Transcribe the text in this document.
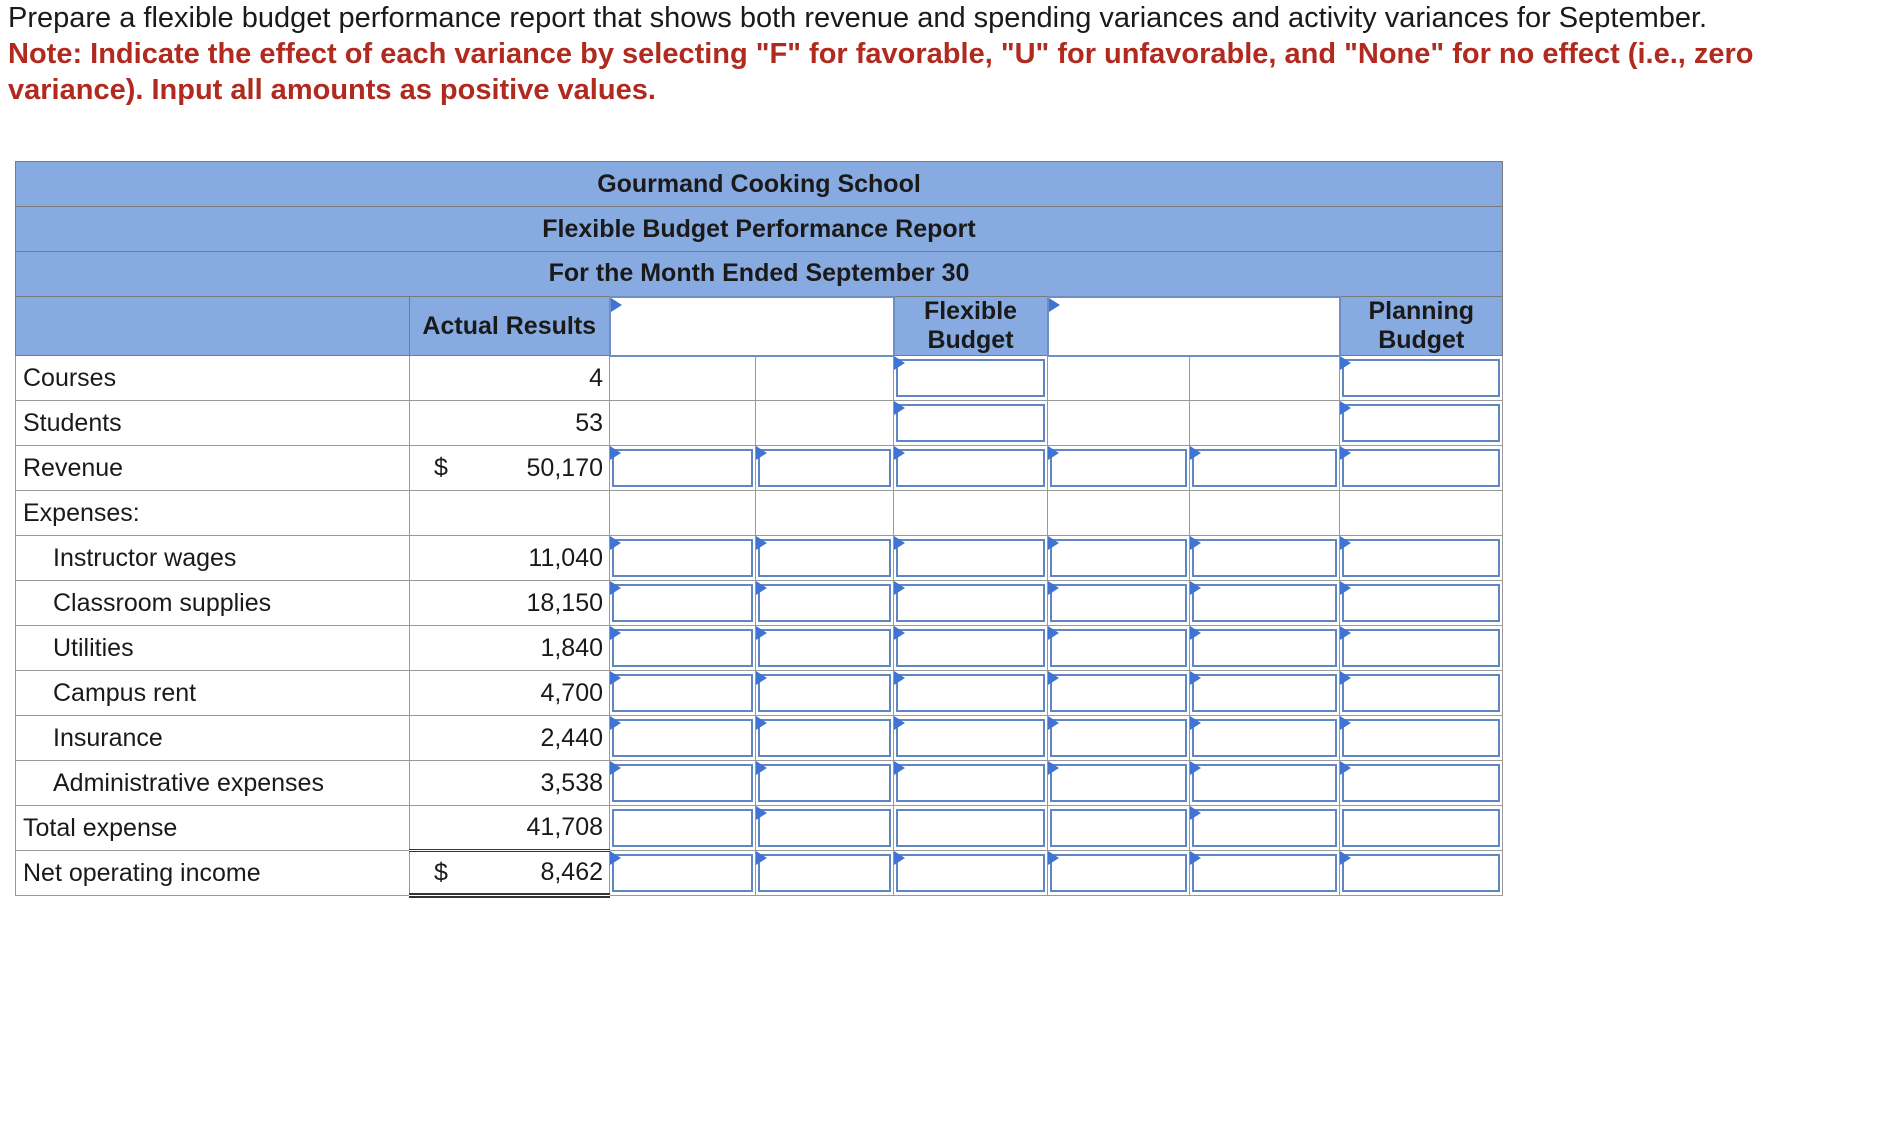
Prepare a flexible budget performance report that shows both revenue and spending variances and activity variances for September.
Note: Indicate the effect of each variance by selecting "F" for favorable, "U" for unfavorable, and "None" for no effect (i.e., zero variance). Input all amounts as positive values.
Gourmand Cooking School							
Flexible Budget Performance Report							
For the Month Ended September 30							
	Actual Results			Flexible Budget			Planning Budget
Courses	4			

Students	53			

Revenue	$ 50,170	

Expenses:							
Instructor wages	11,040	

Classroom supplies	18,150	

Utilities	1,840	

Campus rent	4,700	

Insurance	2,440	

Administrative expenses	3,538	

Total expense	41,708	

Net operating income	$ 8,462	
